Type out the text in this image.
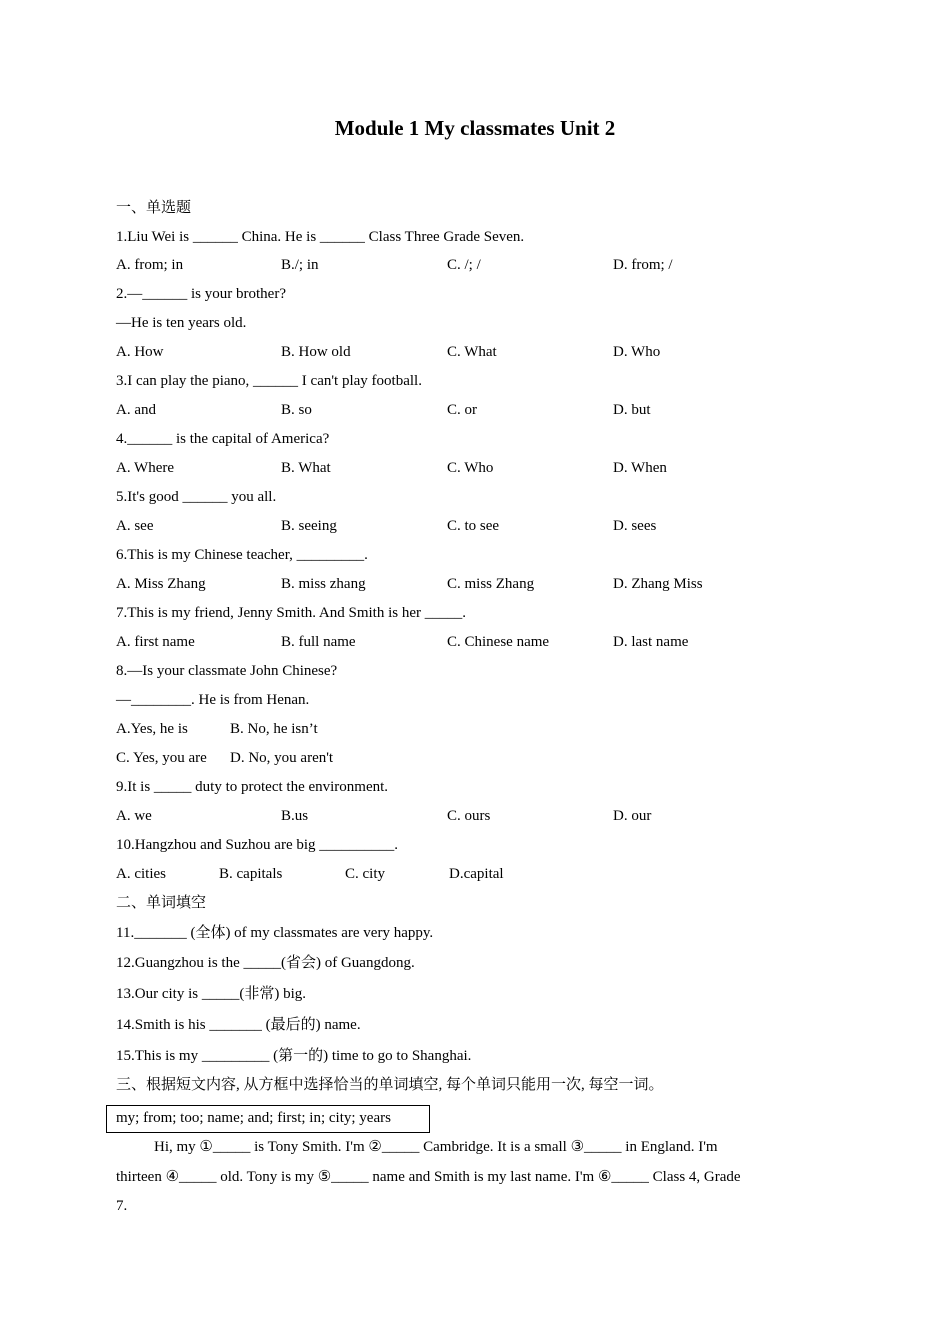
Module 1 My classmates Unit 2
一、单选题
1.Liu Wei is ______ China. He is ______ Class Three Grade Seven.
A. from; in	B./; in	C. /; /	D. from; /
2.—______ is your brother?
—He is ten years old.
A. How	B. How old	C. What	D. Who
3.I can play the piano, ______ I can't play football.
A. and	B. so	C. or	D. but
4.______ is the capital of America?
A. Where	B. What	C. Who	D. When
5.It's good ______ you all.
A. see	B. seeing	C. to see	D. sees
6.This is my Chinese teacher, _________.
A. Miss Zhang	B. miss zhang	C. miss Zhang	D. Zhang Miss
7.This is my friend, Jenny Smith. And Smith is her _____.
A. first name	B. full name	C. Chinese name	D. last name
8.—Is your classmate John Chinese?
—________. He is from Henan.
A.Yes, he is	B. No, he isn’t
C. Yes, you are D. No, you aren't
9.It is _____ duty to protect the environment.
A. we	B.us	C. ours	D. our
10.Hangzhou and Suzhou are big __________.
A. cities	B. capitals	C. city	D.capital
二、单词填空
11._______ (全体) of my classmates are very happy.
12.Guangzhou is the _____(省会) of Guangdong.
13.Our city is _____(非常) big.
14.Smith is his _______ (最后的) name.
15.This is my _________ (第一的) time to go to Shanghai.
三、根据短文内容, 从方框中选择恰当的单词填空, 每个单词只能用一次, 每空一词。
my; from; too; name; and; first; in; city; years
Hi, my ①_____ is Tony Smith. I'm ②_____ Cambridge. It is a small ③_____ in England. I'm
thirteen ④_____ old. Tony is my ⑤_____ name and Smith is my last name. I'm ⑥_____ Class 4, Grade
7.
